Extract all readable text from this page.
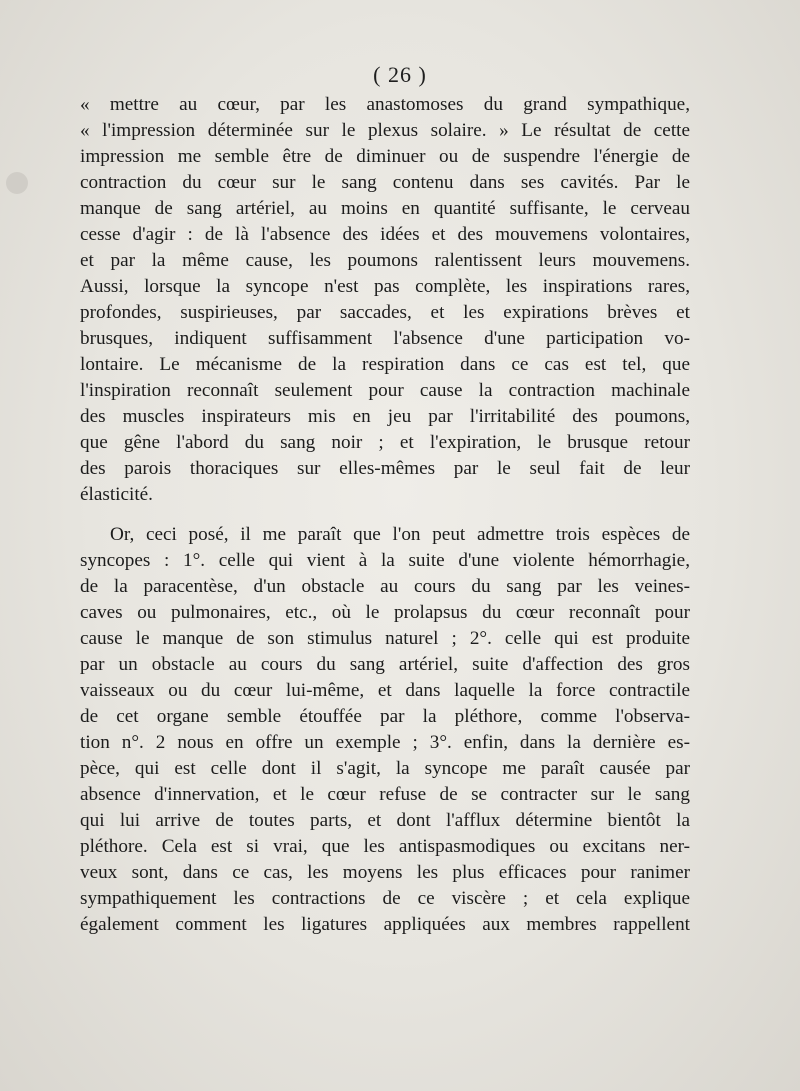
( 26 )

« mettre au cœur, par les anastomoses du grand sympathique,

« l'impression déterminée sur le plexus solaire. » Le résultat de cette

impression me semble être de diminuer ou de suspendre l'énergie de

contraction du cœur sur le sang contenu dans ses cavités. Par le

manque de sang artériel, au moins en quantité suffisante, le cerveau

cesse d'agir : de là l'absence des idées et des mouvemens volontaires,

et par la même cause, les poumons ralentissent leurs mouvemens.

Aussi, lorsque la syncope n'est pas complète, les inspirations rares,

profondes, suspirieuses, par saccades, et les expirations brèves et

brusques, indiquent suffisamment l'absence d'une participation vo-

lontaire. Le mécanisme de la respiration dans ce cas est tel, que

l'inspiration reconnaît seulement pour cause la contraction machinale

des muscles inspirateurs mis en jeu par l'irritabilité des poumons,

que gêne l'abord du sang noir ; et l'expiration, le brusque retour

des parois thoraciques sur elles-mêmes par le seul fait de leur

élasticité.

Or, ceci posé, il me paraît que l'on peut admettre trois espèces de

syncopes : 1°. celle qui vient à la suite d'une violente hémorrhagie,

de la paracentèse, d'un obstacle au cours du sang par les veines-

caves ou pulmonaires, etc., où le prolapsus du cœur reconnaît pour

cause le manque de son stimulus naturel ; 2°. celle qui est produite

par un obstacle au cours du sang artériel, suite d'affection des gros

vaisseaux ou du cœur lui-même, et dans laquelle la force contractile

de cet organe semble étouffée par la pléthore, comme l'observa-

tion n°. 2 nous en offre un exemple ; 3°. enfin, dans la dernière es-

pèce, qui est celle dont il s'agit, la syncope me paraît causée par

absence d'innervation, et le cœur refuse de se contracter sur le sang

qui lui arrive de toutes parts, et dont l'afflux détermine bientôt la

pléthore. Cela est si vrai, que les antispasmodiques ou excitans ner-

veux sont, dans ce cas, les moyens les plus efficaces pour ranimer

sympathiquement les contractions de ce viscère ; et cela explique

également comment les ligatures appliquées aux membres rappellent
